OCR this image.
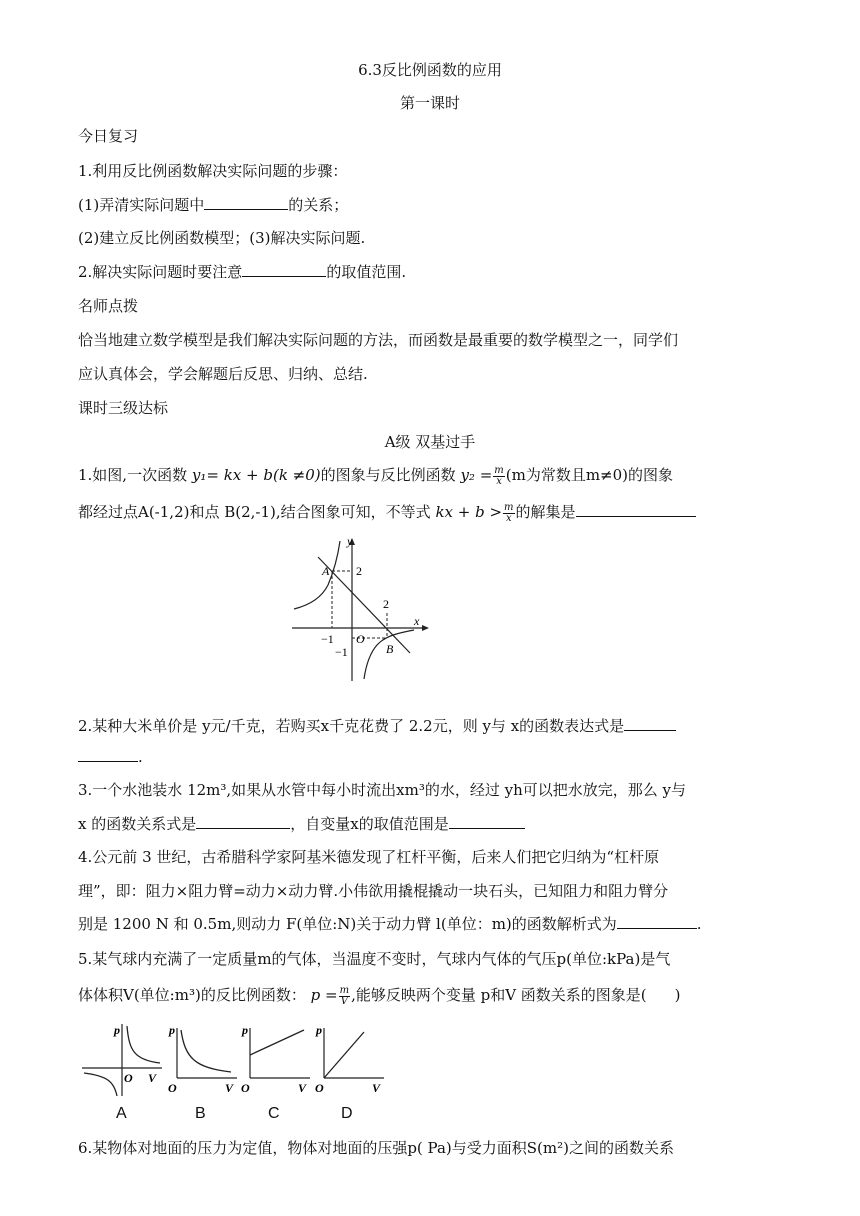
6.3反比例函数的应用
第一课时
今日复习
1.利用反比例函数解决实际问题的步骤：
(1)弄清实际问题中	的关系；
(2)建立反比例函数模型；(3)解决实际问题.
2.解决实际问题时要注意	的取值范围.
名师点拨
恰当地建立数学模型是我们解决实际问题的方法，而函数是最重要的数学模型之一，同学们
应认真体会，学会解题后反思、归纳、总结.
课时三级达标
A级 双基过手
1.如图,一次函数 y₁= kx + b(k ≠0)的图象与反比例函数 $y_2 = \frac{m}{x} (m$为常数且m≠0)的图象
都经过点A(-1,2)和点 B(2,-1),结合图象可知，不等式 kx + $b > \frac{m}{x}$ 的解集是
y
x
O
A
B
2
2
−1
−1
2.某种大米单价是 y元/千克，若购买x千克花费了 2.2元，则 y与 x的函数表达式是
.
3.一个水池装水 12m³,如果从水管中每小时流出xm³的水，经过 yh可以把水放完，那么 y与
x 的函数关系式是	，自变量x的取值范围是
4.公元前 3 世纪，古希腊科学家阿基米德发现了杠杆平衡，后来人们把它归纳为“杠杆原
理”，即：阻力×阻力臂=动力×动力臂.小伟欲用撬棍撬动一块石头，已知阻力和阻力臂分
别是 1200 N 和 0.5m,则动力 F(单位:N)关于动力臂 l(单位：m)的函数解析式为	.
5.某气球内充满了一定质量m的气体，当温度不变时，气球内气体的气压p(单位:kPa)是气
体体积V(单位:m³)的反比例函数： $p = \frac{m}{V}$ ,能够反映两个变量 p和V 函数关系的图象是( )
p
O V
p
O	V
p
O	V
p
O	V
A	B	C	D
6.某物体对地面的压力为定值，物体对地面的压强p( Pa)与受力面积S(m²)之间的函数关系
